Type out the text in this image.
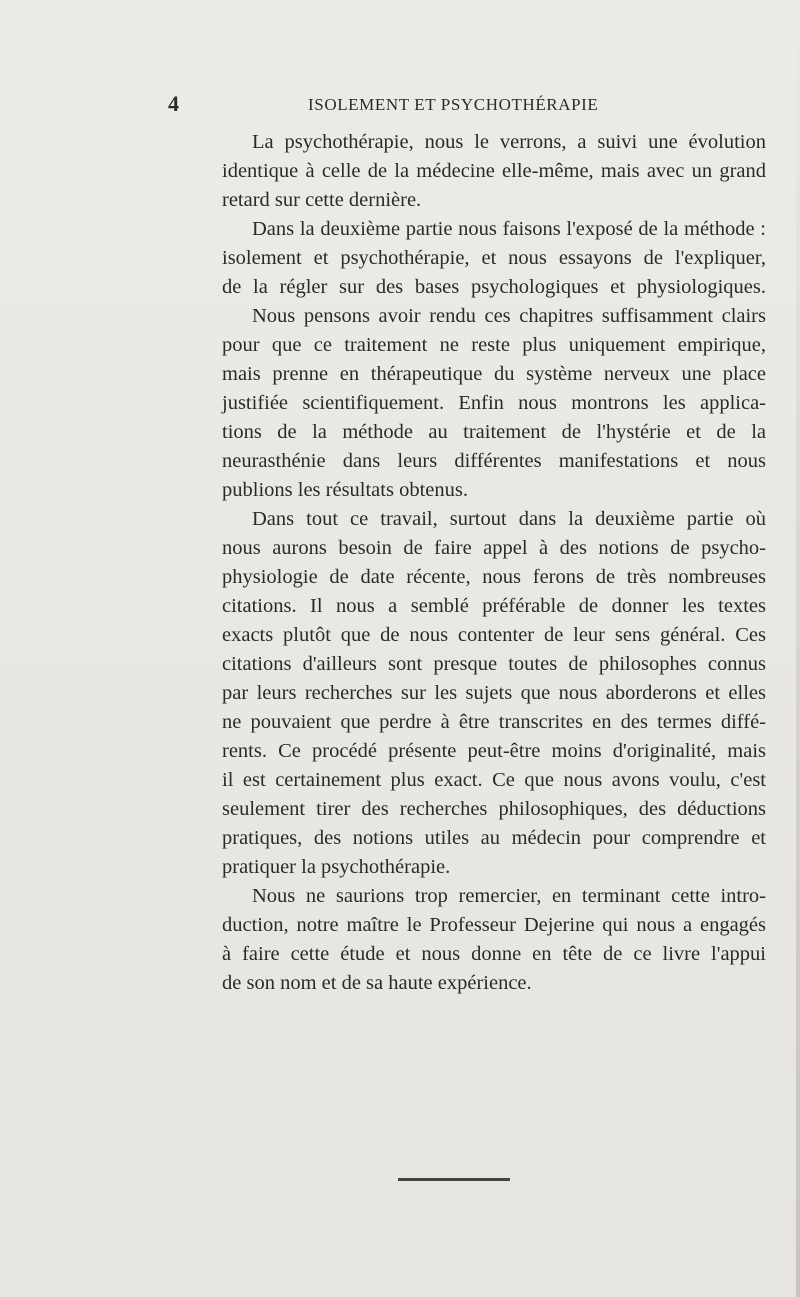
4	ISOLEMENT ET PSYCHOTHÉRAPIE
La psychothérapie, nous le verrons, a suivi une évolution
identique à celle de la médecine elle-même, mais avec un grand
retard sur cette dernière.
Dans la deuxième partie nous faisons l'exposé de la méthode :
isolement et psychothérapie, et nous essayons de l'expliquer,
de la régler sur des bases psychologiques et physiologiques.
Nous pensons avoir rendu ces chapitres suffisamment clairs
pour que ce traitement ne reste plus uniquement empirique,
mais prenne en thérapeutique du système nerveux une place
justifiée scientifiquement. Enfin nous montrons les applica-
tions de la méthode au traitement de l'hystérie et de la
neurasthénie dans leurs différentes manifestations et nous
publions les résultats obtenus.
Dans tout ce travail, surtout dans la deuxième partie où
nous aurons besoin de faire appel à des notions de psycho-
physiologie de date récente, nous ferons de très nombreuses
citations. Il nous a semblé préférable de donner les textes
exacts plutôt que de nous contenter de leur sens général. Ces
citations d'ailleurs sont presque toutes de philosophes connus
par leurs recherches sur les sujets que nous aborderons et elles
ne pouvaient que perdre à être transcrites en des termes diffé-
rents. Ce procédé présente peut-être moins d'originalité, mais
il est certainement plus exact. Ce que nous avons voulu, c'est
seulement tirer des recherches philosophiques, des déductions
pratiques, des notions utiles au médecin pour comprendre et
pratiquer la psychothérapie.
Nous ne saurions trop remercier, en terminant cette intro-
duction, notre maître le Professeur Dejerine qui nous a engagés
à faire cette étude et nous donne en tête de ce livre l'appui
de son nom et de sa haute expérience.
